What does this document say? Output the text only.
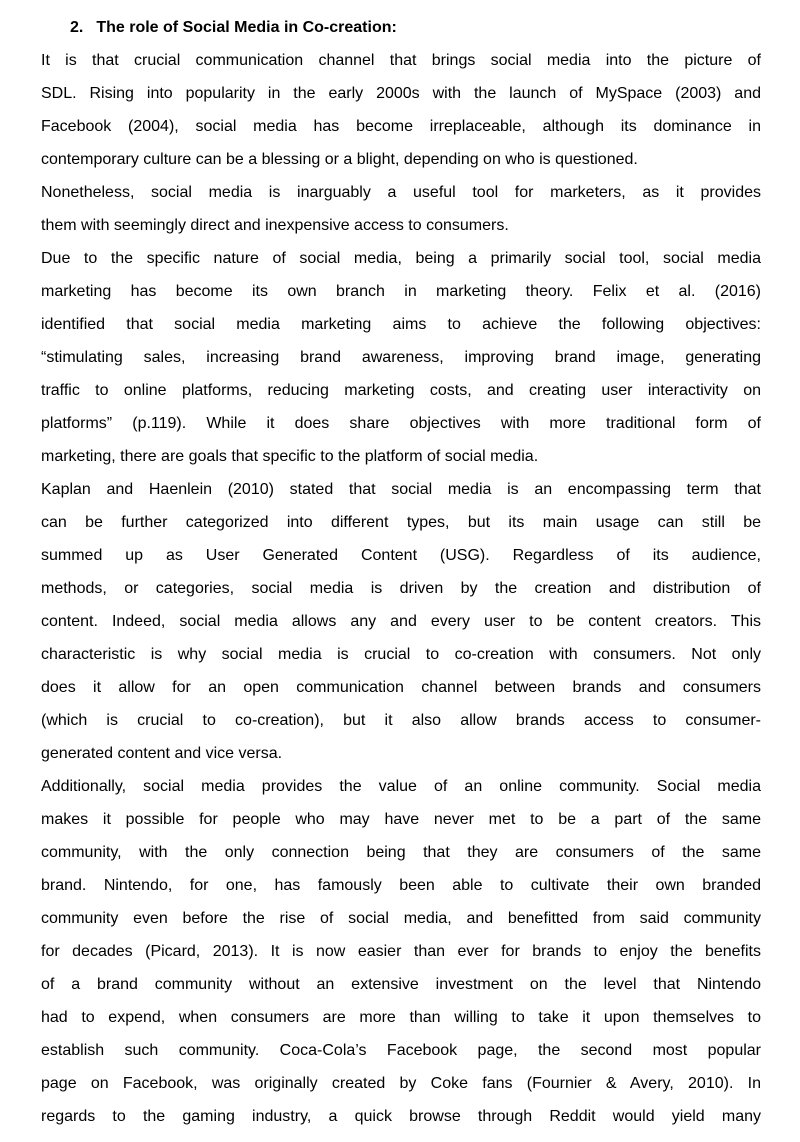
2. The role of Social Media in Co-creation:
It is that crucial communication channel that brings social media into the picture of
SDL. Rising into popularity in the early 2000s with the launch of MySpace (2003) and
Facebook (2004), social media has become irreplaceable, although its dominance in
contemporary culture can be a blessing or a blight, depending on who is questioned.
Nonetheless, social media is inarguably a useful tool for marketers, as it provides
them with seemingly direct and inexpensive access to consumers.
Due to the specific nature of social media, being a primarily social tool, social media
marketing has become its own branch in marketing theory. Felix et al. (2016)
identified that social media marketing aims to achieve the following objectives:
“stimulating sales, increasing brand awareness, improving brand image, generating
traffic to online platforms, reducing marketing costs, and creating user interactivity on
platforms” (p.119). While it does share objectives with more traditional form of
marketing, there are goals that specific to the platform of social media.
Kaplan and Haenlein (2010) stated that social media is an encompassing term that
can be further categorized into different types, but its main usage can still be
summed up as User Generated Content (USG). Regardless of its audience,
methods, or categories, social media is driven by the creation and distribution of
content. Indeed, social media allows any and every user to be content creators. This
characteristic is why social media is crucial to co-creation with consumers. Not only
does it allow for an open communication channel between brands and consumers
(which is crucial to co-creation), but it also allow brands access to consumer-
generated content and vice versa.
Additionally, social media provides the value of an online community. Social media
makes it possible for people who may have never met to be a part of the same
community, with the only connection being that they are consumers of the same
brand. Nintendo, for one, has famously been able to cultivate their own branded
community even before the rise of social media, and benefitted from said community
for decades (Picard, 2013). It is now easier than ever for brands to enjoy the benefits
of a brand community without an extensive investment on the level that Nintendo
had to expend, when consumers are more than willing to take it upon themselves to
establish such community. Coca-Cola’s Facebook page, the second most popular
page on Facebook, was originally created by Coke fans (Fournier & Avery, 2010). In
regards to the gaming industry, a quick browse through Reddit would yield many
